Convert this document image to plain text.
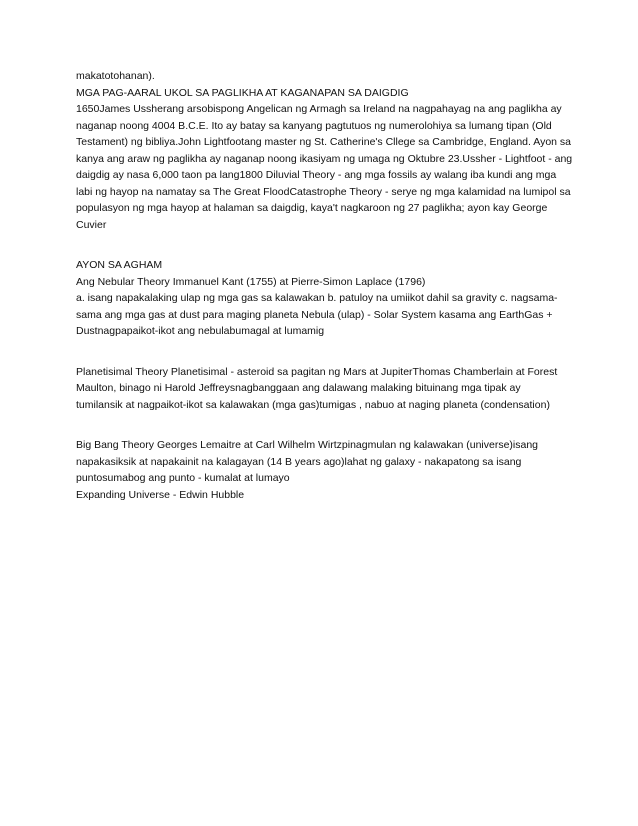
makatotohanan).
MGA PAG-AARAL UKOL SA PAGLIKHA AT KAGANAPAN SA DAIGDIG
1650James Ussherang arsobispong Angelican ng Armagh sa Ireland na nagpahayag na ang paglikha ay
naganap noong 4004 B.C.E. Ito ay batay sa kanyang pagtutuos ng numerolohiya sa lumang tipan (Old
Testament) ng bibliya.John Lightfootang master ng St. Catherine's Cllege sa Cambridge, England. Ayon sa
kanya ang araw ng paglikha ay naganap noong ikasiyam ng umaga ng Oktubre 23.Ussher - Lightfoot - ang
daigdig ay nasa 6,000 taon pa lang1800 Diluvial Theory - ang mga fossils ay walang iba kundi ang mga
labi ng hayop na namatay sa The Great FloodCatastrophe Theory - serye ng mga kalamidad na lumipol sa
populasyon ng mga hayop at halaman sa daigdig, kaya't nagkaroon ng 27 paglikha; ayon kay George
Cuvier
AYON SA AGHAM
Ang Nebular Theory Immanuel Kant (1755) at Pierre-Simon Laplace (1796)
a. isang napakalaking ulap ng mga gas sa kalawakan b. patuloy na umiikot dahil sa gravity c. nagsama-
sama ang mga gas at dust para maging planeta Nebula (ulap) - Solar System kasama ang EarthGas +
Dustnagpapaikot-ikot ang nebulabumagal at lumamig
Planetisimal Theory Planetisimal - asteroid sa pagitan ng Mars at JupiterThomas Chamberlain at Forest
Maulton, binago ni Harold Jeffreysnagbanggaan ang dalawang malaking bituinang mga tipak ay
tumilansik at nagpaikot-ikot sa kalawakan (mga gas)tumigas , nabuo at naging planeta (condensation)
Big Bang Theory Georges Lemaitre at Carl Wilhelm Wirtzpinagmulan ng kalawakan (universe)isang
napakasiksik at napakainit na kalagayan (14 B years ago)lahat ng galaxy - nakapatong sa isang
puntosumabog ang punto - kumalat at lumayo
Expanding Universe - Edwin Hubble
